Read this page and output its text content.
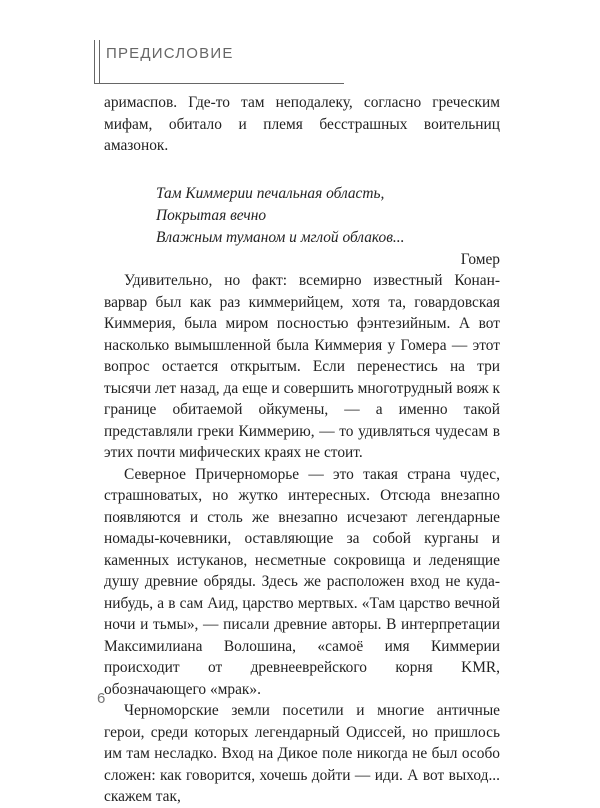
ПРЕДИСЛОВИЕ

аримаспов. Где-то там неподалеку, согласно греческим мифам, обитало и племя бесстрашных воительниц амазонок.

Там Киммерии печальная область,
Покрытая вечно
Влажным туманом и мглой облаков...

Гомер

Удивительно, но факт: всемирно известный Конан-варвар был как раз киммерийцем, хотя та, говардовская Киммерия, была миром посностью фэнтезийным. А вот насколько вымышленной была Киммерия у Гомера — этот вопрос остается открытым. Если перенестись на три тысячи лет назад, да еще и совершить многотрудный вояж к границе обитаемой ойкумены, — а именно такой представляли греки Киммерию, — то удивляться чудесам в этих почти мифических краях не стоит.

Северное Причерноморье — это такая страна чудес, страшноватых, но жутко интересных. Отсюда внезапно появляются и столь же внезапно исчезают легендарные номады-кочевники, оставляющие за собой курганы и каменных истуканов, несметные сокровища и леденящие душу древние обряды. Здесь же расположен вход не куда-нибудь, а в сам Аид, царство мертвых. «Там царство вечной ночи и тьмы», — писали древние авторы. В интерпретации Максимилиана Волошина, «самоё имя Киммерии происходит от древнееврейского корня KMR, обозначающего «мрак».

Черноморские земли посетили и многие античные герои, среди которых легендарный Одиссей, но пришлось им там несладко. Вход на Дикое поле никогда не был особо сложен: как говорится, хочешь дойти — иди. А вот выход... скажем так,

6
